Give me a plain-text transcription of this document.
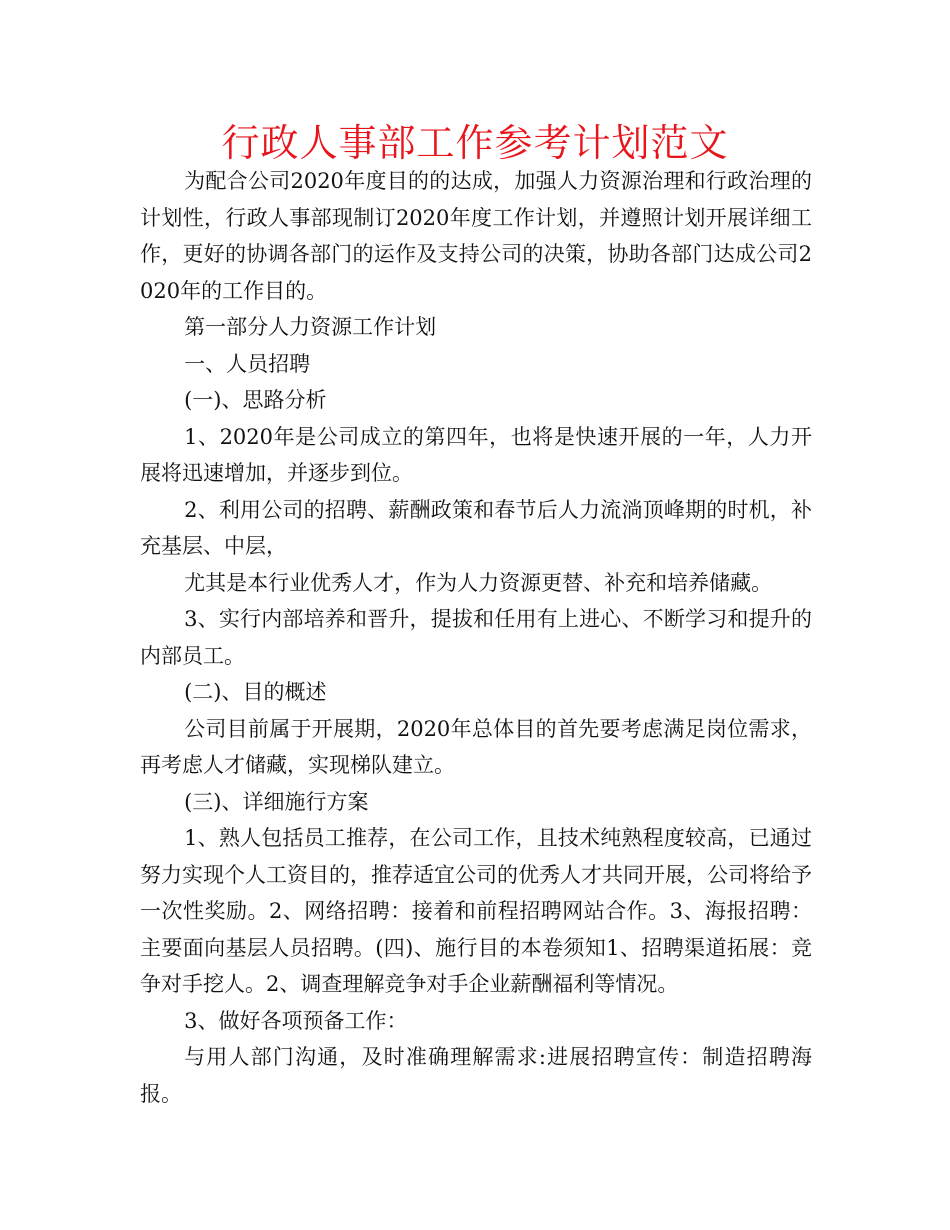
行政人事部工作参考计划范文

为配合公司2020年度目的的达成，加强人力资源治理和行政治理的计划性，行政人事部现制订2020年度工作计划，并遵照计划开展详细工作，更好的协调各部门的运作及支持公司的决策，协助各部门达成公司2020年的工作目的。

第一部分人力资源工作计划

一、人员招聘

(一)、思路分析

1、2020年是公司成立的第四年，也将是快速开展的一年，人力开展将迅速增加，并逐步到位。

2、利用公司的招聘、薪酬政策和春节后人力流淌顶峰期的时机，补充基层、中层，

尤其是本行业优秀人才，作为人力资源更替、补充和培养储藏。

3、实行内部培养和晋升，提拔和任用有上进心、不断学习和提升的内部员工。

(二)、目的概述

公司目前属于开展期，2020年总体目的首先要考虑满足岗位需求，再考虑人才储藏，实现梯队建立。

(三)、详细施行方案

1、熟人包括员工推荐，在公司工作，且技术纯熟程度较高，已通过努力实现个人工资目的，推荐适宜公司的优秀人才共同开展，公司将给予一次性奖励。2、网络招聘：接着和前程招聘网站合作。3、海报招聘：主要面向基层人员招聘。(四)、施行目的本卷须知1、招聘渠道拓展：竞争对手挖人。2、调查理解竞争对手企业薪酬福利等情况。

3、做好各项预备工作：

与用人部门沟通，及时准确理解需求:进展招聘宣传：制造招聘海报。
